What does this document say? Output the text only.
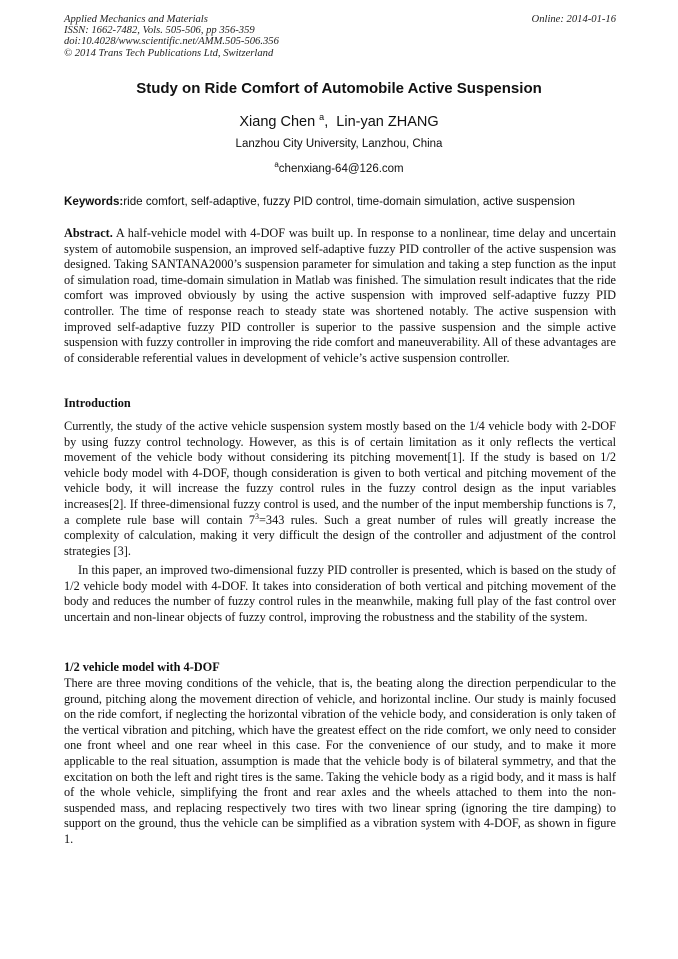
Applied Mechanics and Materials
ISSN: 1662-7482, Vols. 505-506, pp 356-359
doi:10.4028/www.scientific.net/AMM.505-506.356
© 2014 Trans Tech Publications Ltd, Switzerland
Online: 2014-01-16
Study on Ride Comfort of Automobile Active Suspension
Xiang Chen $^a$, Lin-yan ZHANG
Lanzhou City University, Lanzhou, China
$^a$chenxiang-64@126.com
Keywords:ride comfort, self-adaptive, fuzzy PID control, time-domain simulation, active suspension
Abstract. A half-vehicle model with 4-DOF was built up. In response to a nonlinear, time delay and uncertain system of automobile suspension, an improved self-adaptive fuzzy PID controller of the active suspension was designed. Taking SANTANA2000’s suspension parameter for simulation and taking a step function as the input of simulation road, time-domain simulation in Matlab was finished. The simulation result indicates that the ride comfort was improved obviously by using the active suspension with improved self-adaptive fuzzy PID controller. The time of response reach to steady state was shortened notably. The active suspension with improved self-adaptive fuzzy PID controller is superior to the passive suspension and the simple active suspension with fuzzy controller in improving the ride comfort and maneuverability. All of these advantages are of considerable referential values in development of vehicle’s active suspension controller.
Introduction
Currently, the study of the active vehicle suspension system mostly based on the 1/4 vehicle body with 2-DOF by using fuzzy control technology. However, as this is of certain limitation as it only reflects the vertical movement of the vehicle body without considering its pitching movement[1]. If the study is based on 1/2 vehicle body model with 4-DOF, though consideration is given to both vertical and pitching movement of the vehicle body, it will increase the fuzzy control rules in the fuzzy control design as the input variables increases[2]. If three-dimensional fuzzy control is used, and the number of the input membership functions is 7, a complete rule base will contain $7^3=343$ rules. Such a great number of rules will greatly increase the complexity of calculation, making it very difficult the design of the controller and adjustment of the control strategies [3].
In this paper, an improved two-dimensional fuzzy PID controller is presented, which is based on the study of 1/2 vehicle body model with 4-DOF. It takes into consideration of both vertical and pitching movement of the body and reduces the number of fuzzy control rules in the meanwhile, making full play of the fast control over uncertain and non-linear objects of fuzzy control, improving the robustness and the stability of the system.
1/2 vehicle model with 4-DOF
There are three moving conditions of the vehicle, that is, the beating along the direction perpendicular to the ground, pitching along the movement direction of vehicle, and horizontal incline. Our study is mainly focused on the ride comfort, if neglecting the horizontal vibration of the vehicle body, and consideration is only taken of the vertical vibration and pitching, which have the greatest effect on the ride comfort, we only need to consider one front wheel and one rear wheel in this case. For the convenience of our study, and to make it more applicable to the real situation, assumption is made that the vehicle body is of bilateral symmetry, and that the excitation on both the left and right tires is the same. Taking the vehicle body as a rigid body, and it mass is half of the whole vehicle, simplifying the front and rear axles and the wheels attached to them into the non-suspended mass, and replacing respectively two tires with two linear spring (ignoring the tire damping) to support on the ground, thus the vehicle can be simplified as a vibration system with 4-DOF, as shown in figure 1.
